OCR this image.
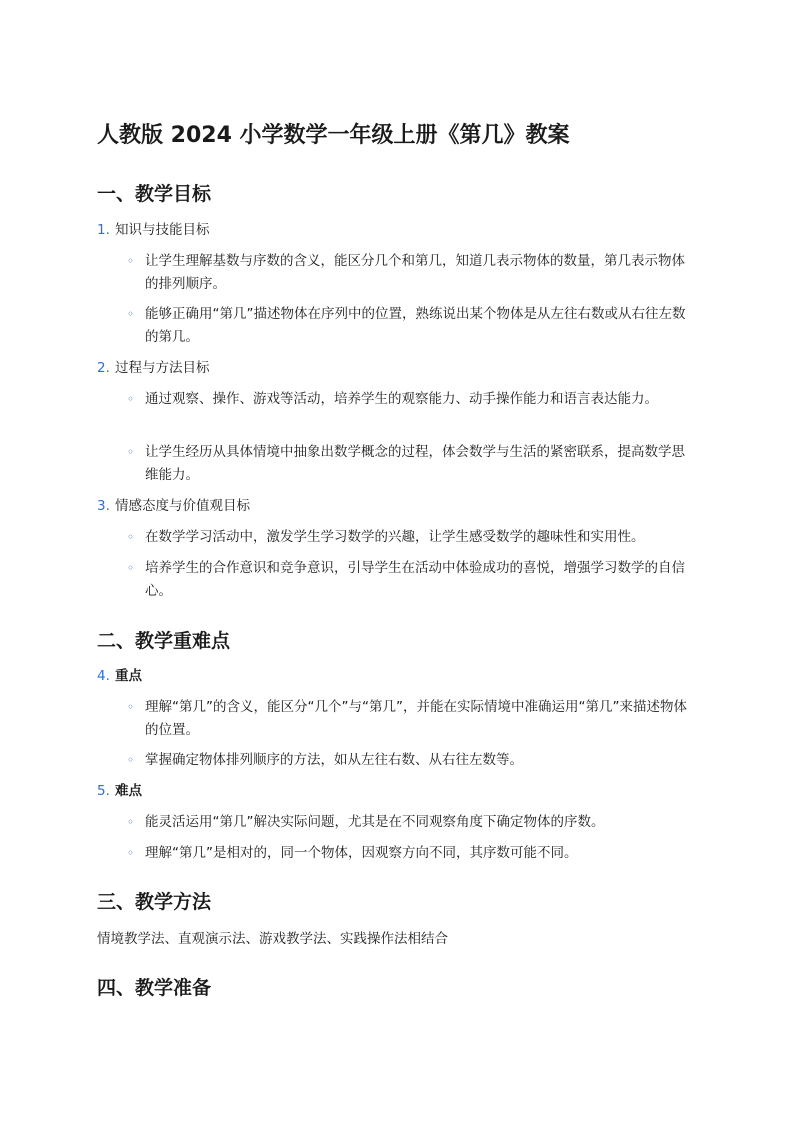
人教版 2024 小学数学一年级上册《第几》教案
一、教学目标
1. 知识与技能目标
◦ 让学生理解基数与序数的含义，能区分几个和第几，知道几表示物体的数量，第几表示物体的排列顺序。
◦ 能够正确用“第几”描述物体在序列中的位置，熟练说出某个物体是从左往右数或从右往左数的第几。
2. 过程与方法目标
◦ 通过观察、操作、游戏等活动，培养学生的观察能力、动手操作能力和语言表达能力。
◦ 让学生经历从具体情境中抽象出数学概念的过程，体会数学与生活的紧密联系，提高数学思维能力。
3. 情感态度与价值观目标
◦ 在数学学习活动中，激发学生学习数学的兴趣，让学生感受数学的趣味性和实用性。
◦ 培养学生的合作意识和竞争意识，引导学生在活动中体验成功的喜悦，增强学习数学的自信心。
二、教学重难点
4. 重点
◦ 理解“第几”的含义，能区分“几个”与“第几”，并能在实际情境中准确运用“第几”来描述物体的位置。
◦ 掌握确定物体排列顺序的方法，如从左往右数、从右往左数等。
5. 难点
◦ 能灵活运用“第几”解决实际问题，尤其是在不同观察角度下确定物体的序数。
◦ 理解“第几”是相对的，同一个物体，因观察方向不同，其序数可能不同。
三、教学方法
情境教学法、直观演示法、游戏教学法、实践操作法相结合
四、教学准备
